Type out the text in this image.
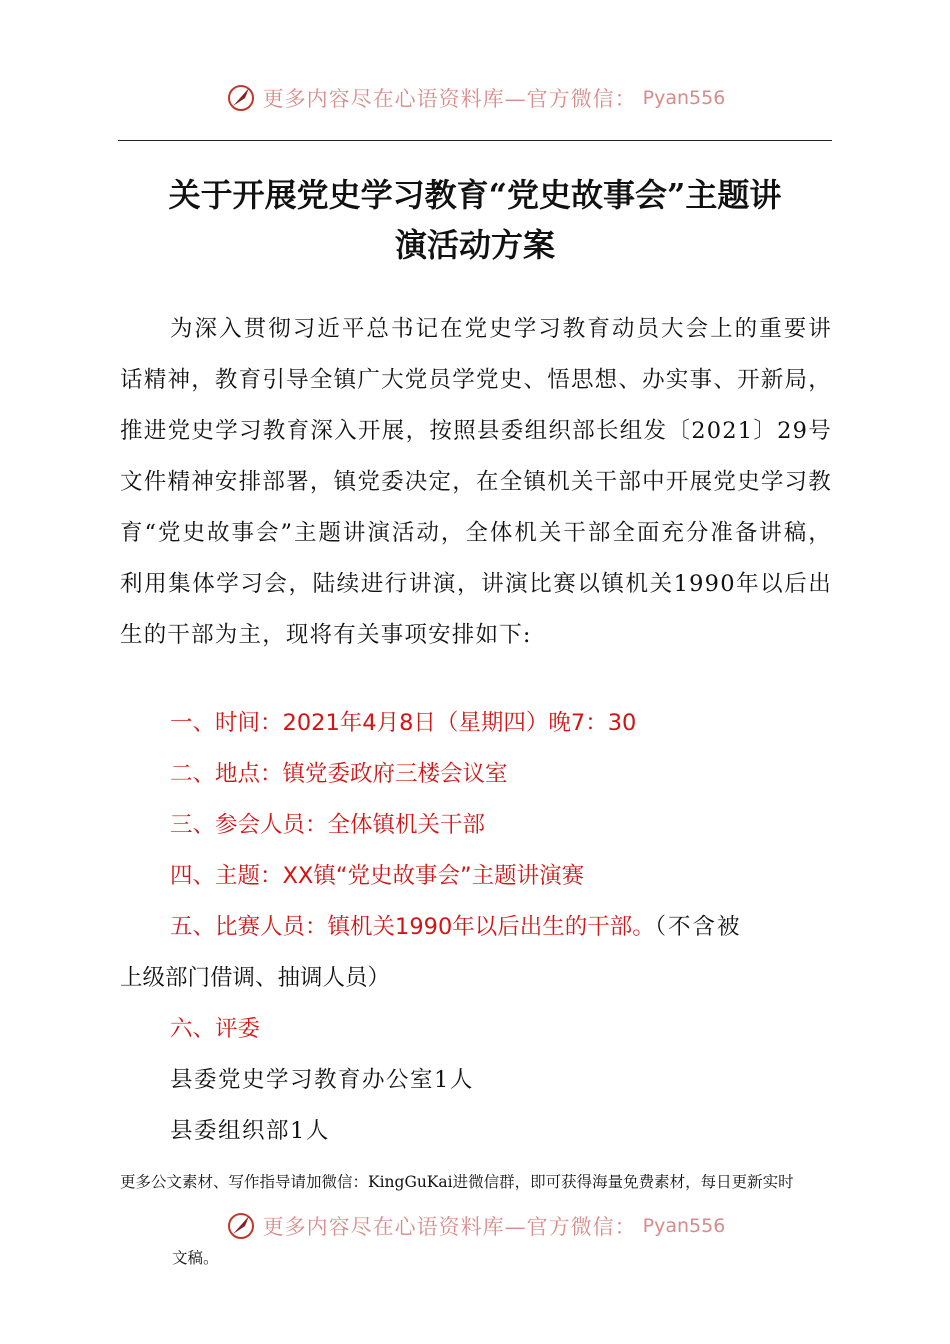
更多内容尽在心语资料库—官方微信： Pyan556
关于开展党史学习教育“党史故事会”主题讲
演活动方案
为深入贯彻习近平总书记在党史学习教育动员大会上的重要讲话精神，教育引导全镇广大党员学党史、悟思想、办实事、开新局，推进党史学习教育深入开展，按照县委组织部长组发〔2021〕29号文件精神安排部署，镇党委决定，在全镇机关干部中开展党史学习教育“党史故事会”主题讲演活动，全体机关干部全面充分准备讲稿，利用集体学习会，陆续进行讲演，讲演比赛以镇机关1990年以后出生的干部为主，现将有关事项安排如下:
一、时间：2021年4月8日（星期四）晚7：30
二、地点：镇党委政府三楼会议室
三、参会人员：全体镇机关干部
四、主题：XX镇“党史故事会”主题讲演赛
五、比赛人员：镇机关1990年以后出生的干部。（不含被
上级部门借调、抽调人员）
六、评委
县委党史学习教育办公室1人
县委组织部1人
更多公文素材、写作指导请加微信：KingGuKai进微信群，即可获得海量免费素材，每日更新实时
更多内容尽在心语资料库—官方微信： Pyan556
文稿。
